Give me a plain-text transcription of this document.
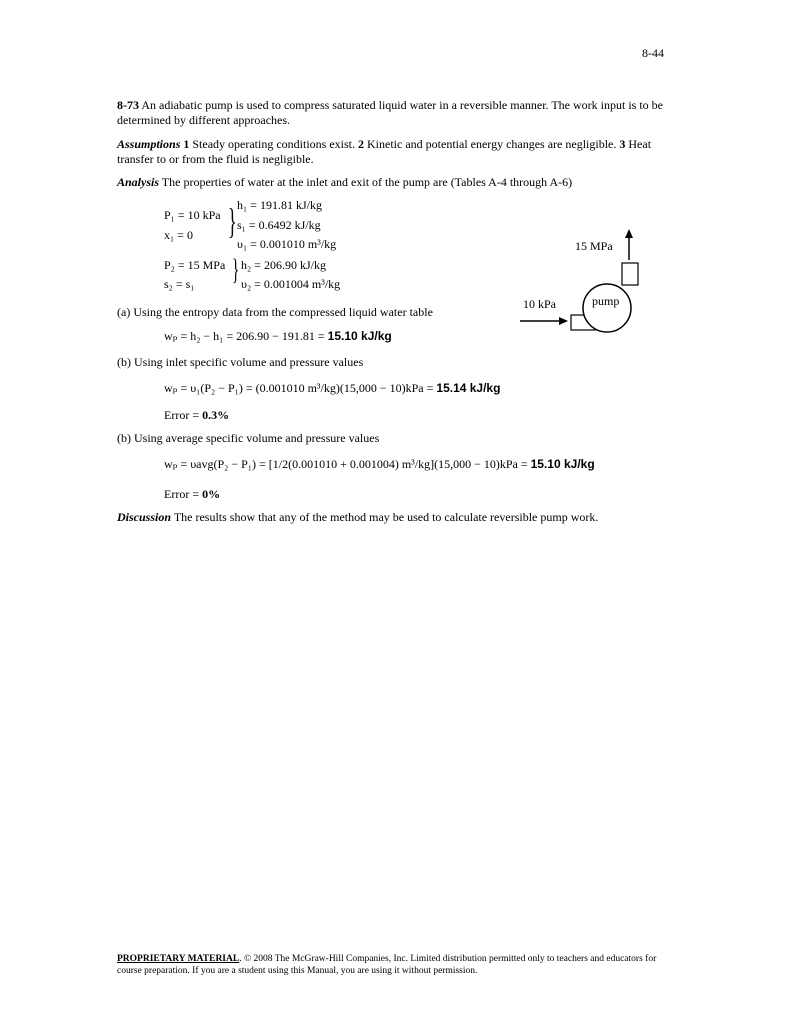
8-44
8-73 An adiabatic pump is used to compress saturated liquid water in a reversible manner. The work input is to be determined by different approaches.
Assumptions 1 Steady operating conditions exist. 2 Kinetic and potential energy changes are negligible. 3 Heat transfer to or from the fluid is negligible.
Analysis The properties of water at the inlet and exit of the pump are (Tables A-4 through A-6)
P₁ = 10 kPa
x₁ = 0 } h₁ = 191.81 kJ/kg
s₁ = 0.6492 kJ/kg
υ₁ = 0.001010 m³/kg
P₂ = 15 MPa
s₂ = s₁ } h₂ = 206.90 kJ/kg
υ₂ = 0.001004 m³/kg
(a) Using the entropy data from the compressed liquid water table
wₚ = h₂ − h₁ = 206.90 − 191.81 = 15.10 kJ/kg
(b) Using inlet specific volume and pressure values
wₚ = υ₁(P₂ − P₁) = (0.001010 m³/kg)(15,000 − 10)kPa = 15.14 kJ/kg
Error = 0.3%
(b) Using average specific volume and pressure values
wₚ = υavg(P₂ − P₁) = [1/2(0.001010 + 0.001004) m³/kg](15,000 − 10)kPa = 15.10 kJ/kg
Error = 0%
Discussion The results show that any of the method may be used to calculate reversible pump work.
15 MPa
10 kPa	pump
PROPRIETARY MATERIAL. © 2008 The McGraw-Hill Companies, Inc. Limited distribution permitted only to teachers and educators for course preparation. If you are a student using this Manual, you are using it without permission.
